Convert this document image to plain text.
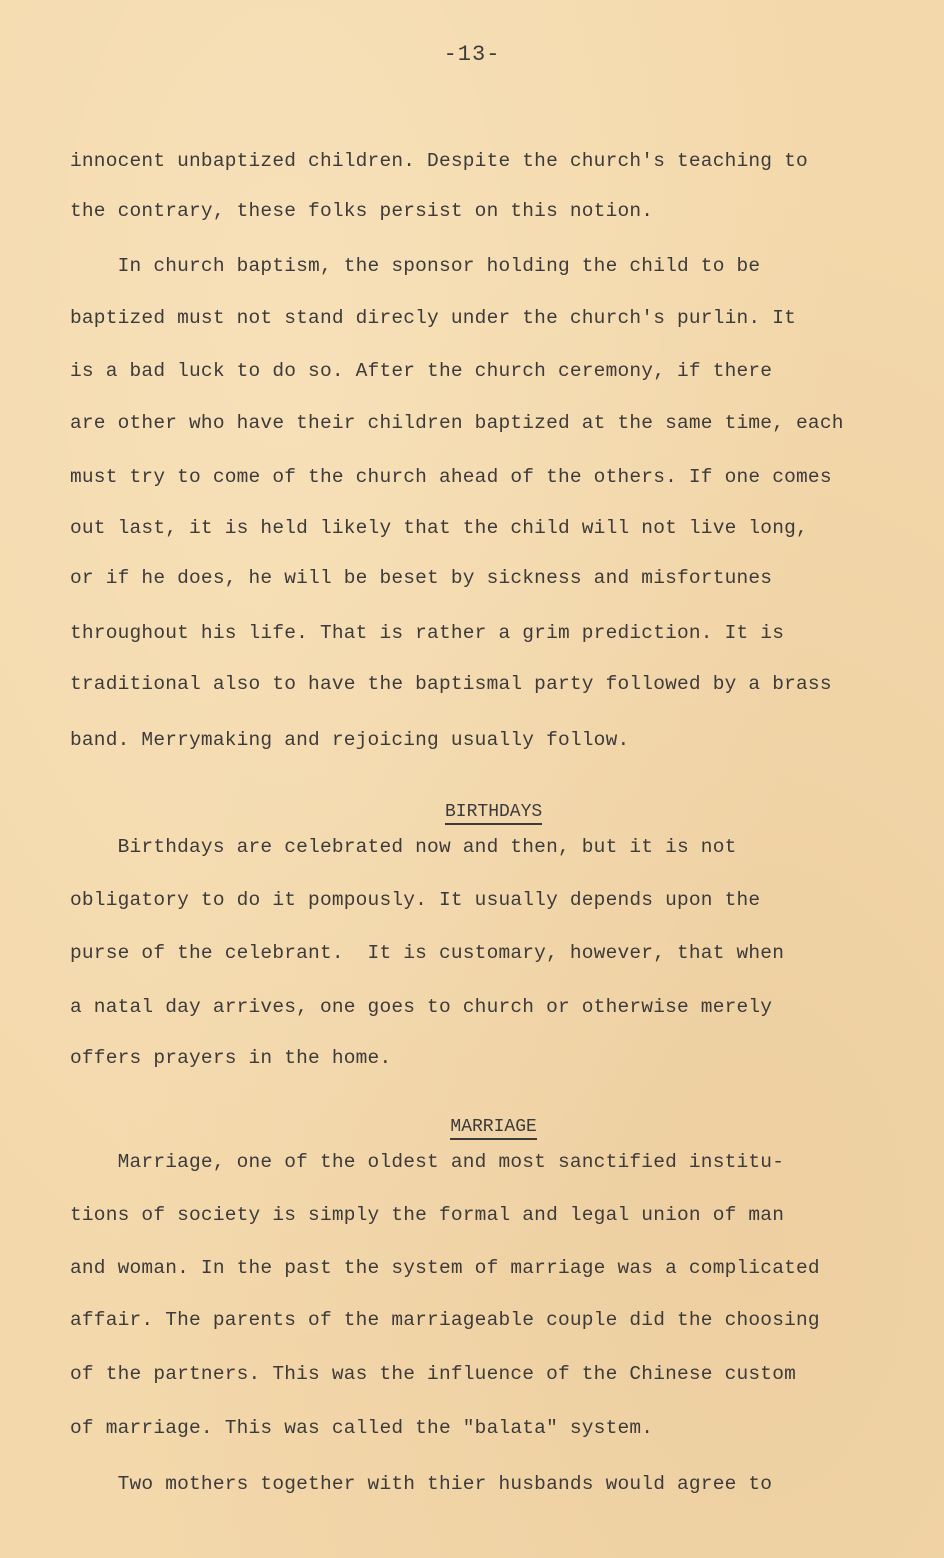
-13-
innocent unbaptized children. Despite the church's teaching to
the contrary, these folks persist on this notion.
In church baptism, the sponsor holding the child to be
baptized must not stand direcly under the church's purlin. It
is a bad luck to do so. After the church ceremony, if there
are other who have their children baptized at the same time, each
must try to come of the church ahead of the others. If one comes
out last, it is held likely that the child will not live long,
or if he does, he will be beset by sickness and misfortunes
throughout his life. That is rather a grim prediction. It is
traditional also to have the baptismal party followed by a brass
band. Merrymaking and rejoicing usually follow.

BIRTHDAYS

Birthdays are celebrated now and then, but it is not
obligatory to do it pompously. It usually depends upon the
purse of the celebrant.  It is customary, however, that when
a natal day arrives, one goes to church or otherwise merely
offers prayers in the home.

MARRIAGE

Marriage, one of the oldest and most sanctified institu-
tions of society is simply the formal and legal union of man
and woman. In the past the system of marriage was a complicated
affair. The parents of the marriageable couple did the choosing
of the partners. This was the influence of the Chinese custom
of marriage. This was called the "balata" system.
Two mothers together with thier husbands would agree to
